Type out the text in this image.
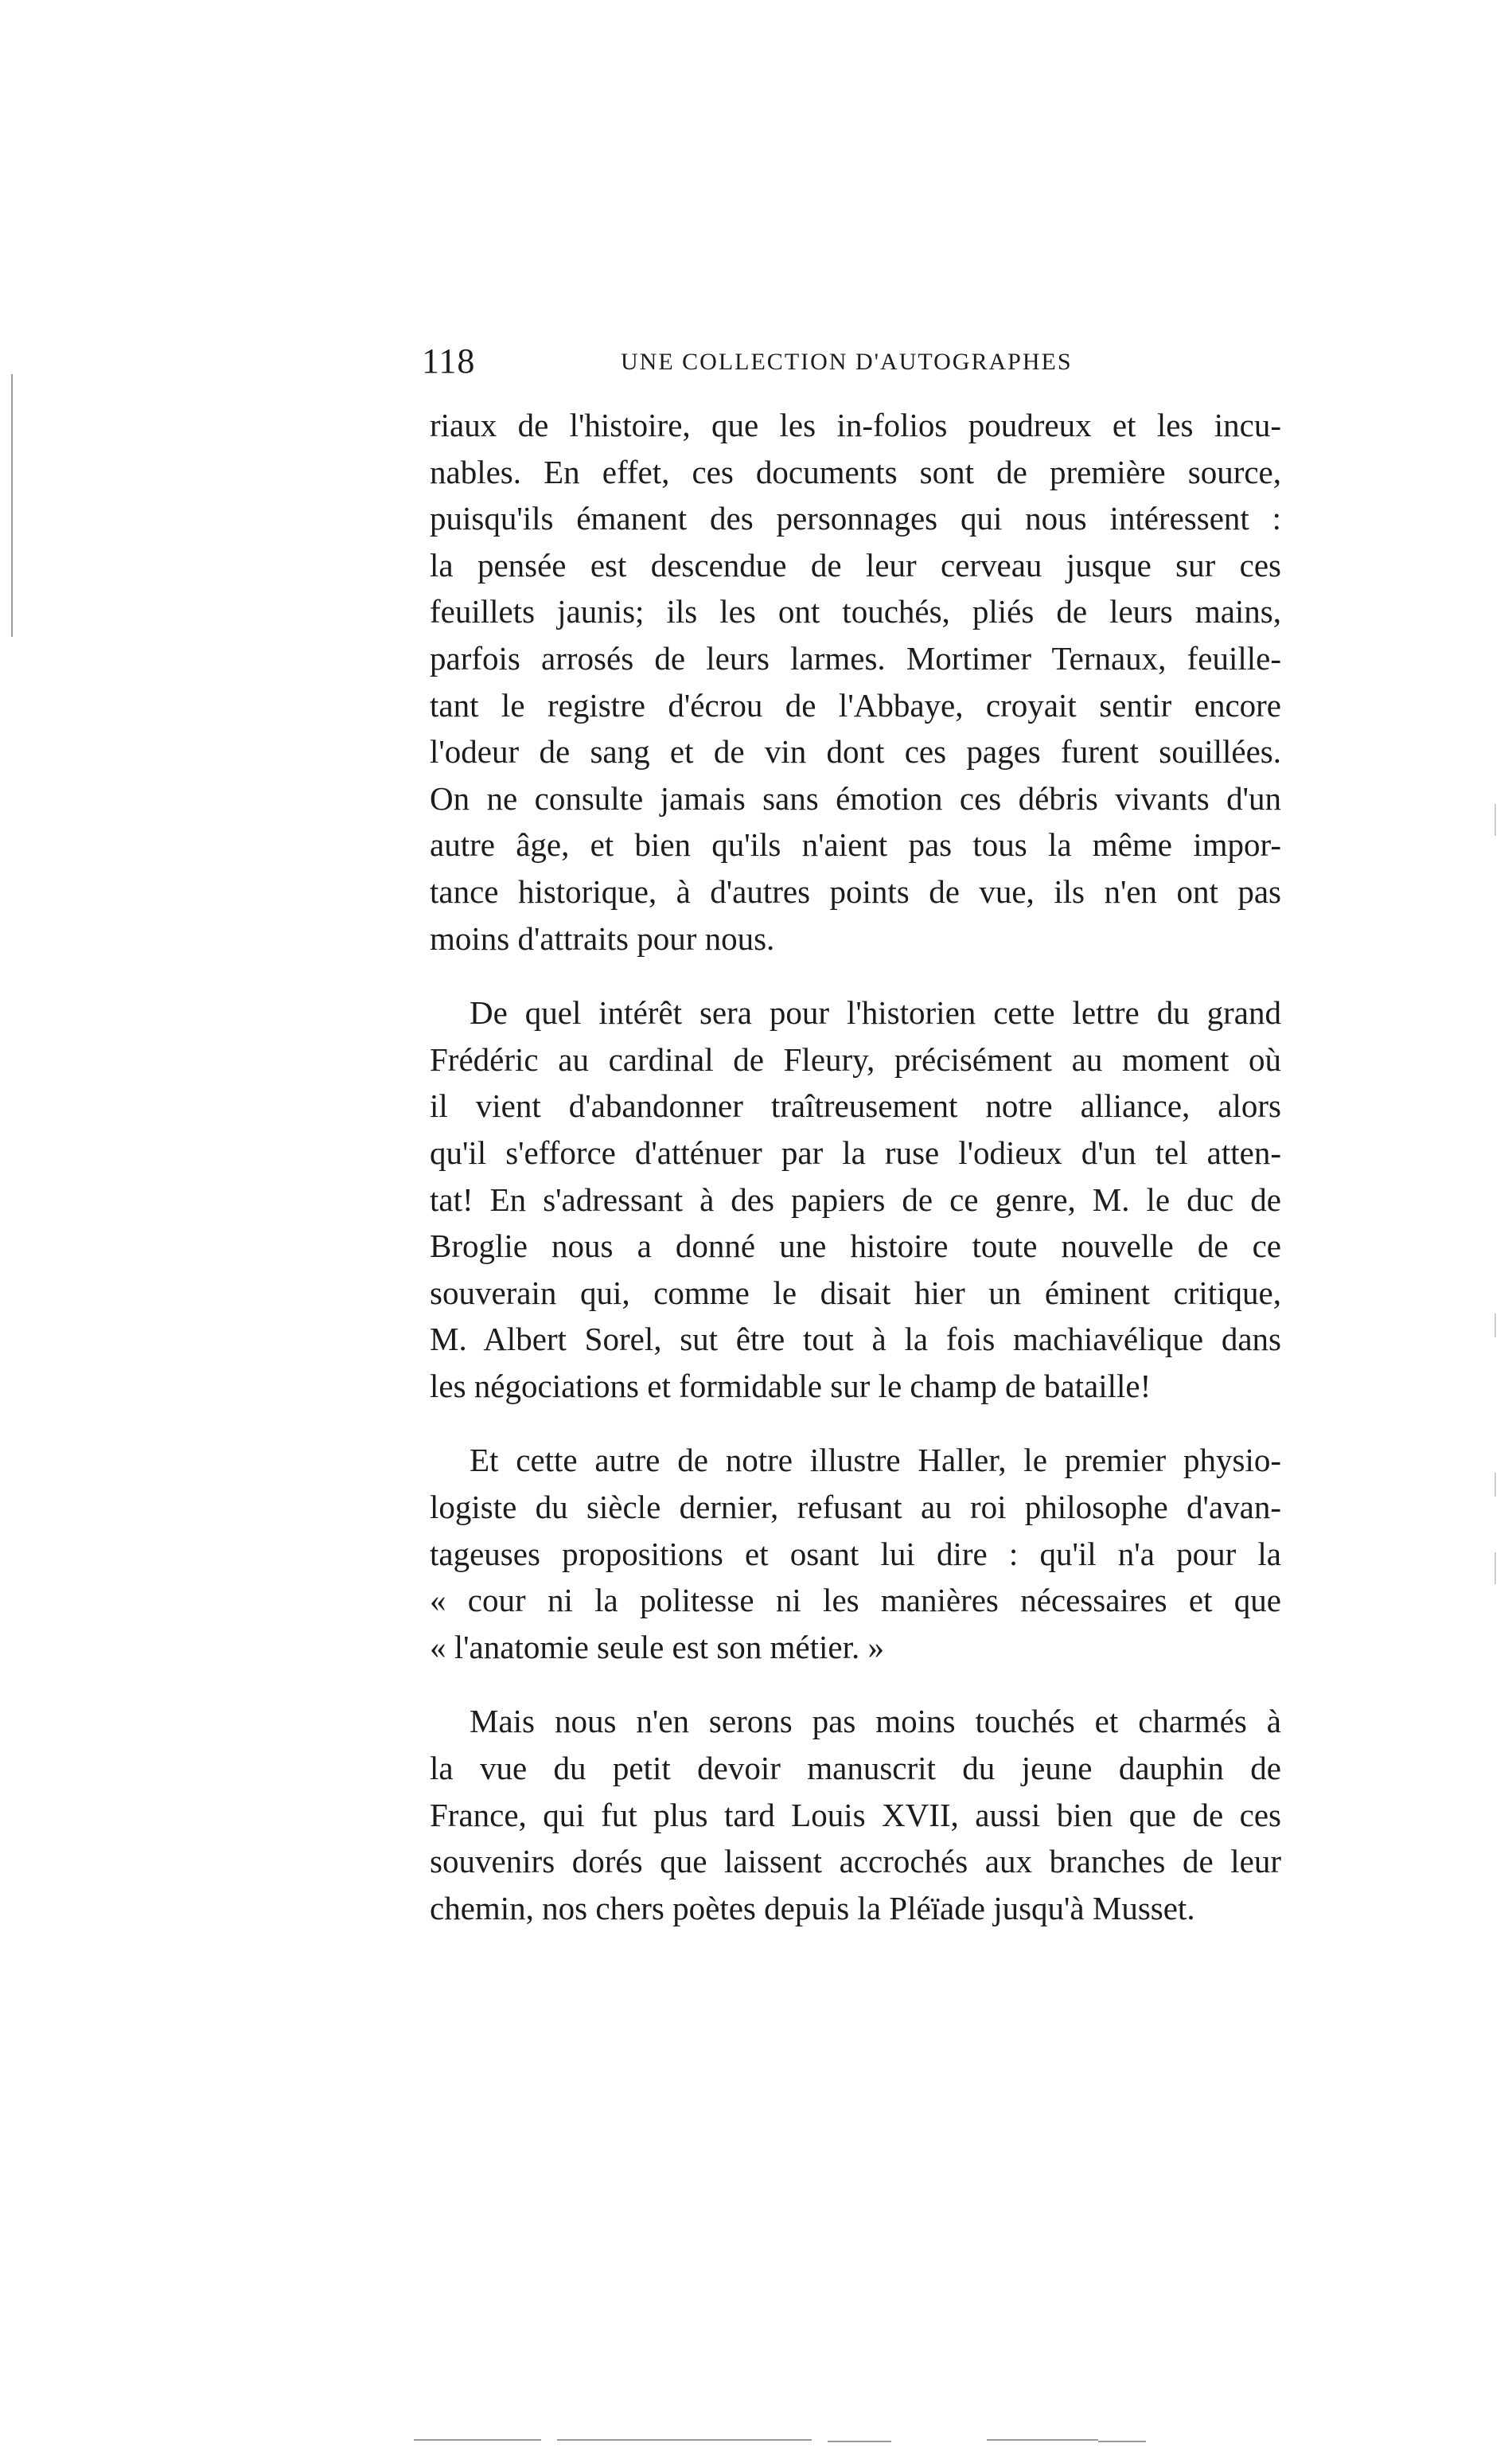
118	UNE COLLECTION D'AUTOGRAPHES

riaux de l'histoire, que les in-folios poudreux et les incu-
nables. En effet, ces documents sont de première source,
puisqu'ils émanent des personnages qui nous intéressent :
la pensée est descendue de leur cerveau jusque sur ces
feuillets jaunis; ils les ont touchés, pliés de leurs mains,
parfois arrosés de leurs larmes. Mortimer Ternaux, feuille-
tant le registre d'écrou de l'Abbaye, croyait sentir encore
l'odeur de sang et de vin dont ces pages furent souillées.
On ne consulte jamais sans émotion ces débris vivants d'un
autre âge, et bien qu'ils n'aient pas tous la même impor-
tance historique, à d'autres points de vue, ils n'en ont pas
moins d'attraits pour nous.

De quel intérêt sera pour l'historien cette lettre du grand
Frédéric au cardinal de Fleury, précisément au moment où
il vient d'abandonner traîtreusement notre alliance, alors
qu'il s'efforce d'atténuer par la ruse l'odieux d'un tel atten-
tat! En s'adressant à des papiers de ce genre, M. le duc de
Broglie nous a donné une histoire toute nouvelle de ce
souverain qui, comme le disait hier un éminent critique,
M. Albert Sorel, sut être tout à la fois machiavélique dans
les négociations et formidable sur le champ de bataille!

Et cette autre de notre illustre Haller, le premier physio-
logiste du siècle dernier, refusant au roi philosophe d'avan-
tageuses propositions et osant lui dire : qu'il n'a pour la
« cour ni la politesse ni les manières nécessaires et que
« l'anatomie seule est son métier. »

Mais nous n'en serons pas moins touchés et charmés à
la vue du petit devoir manuscrit du jeune dauphin de
France, qui fut plus tard Louis XVII, aussi bien que de ces
souvenirs dorés que laissent accrochés aux branches de leur
chemin, nos chers poètes depuis la Pléïade jusqu'à Musset.
